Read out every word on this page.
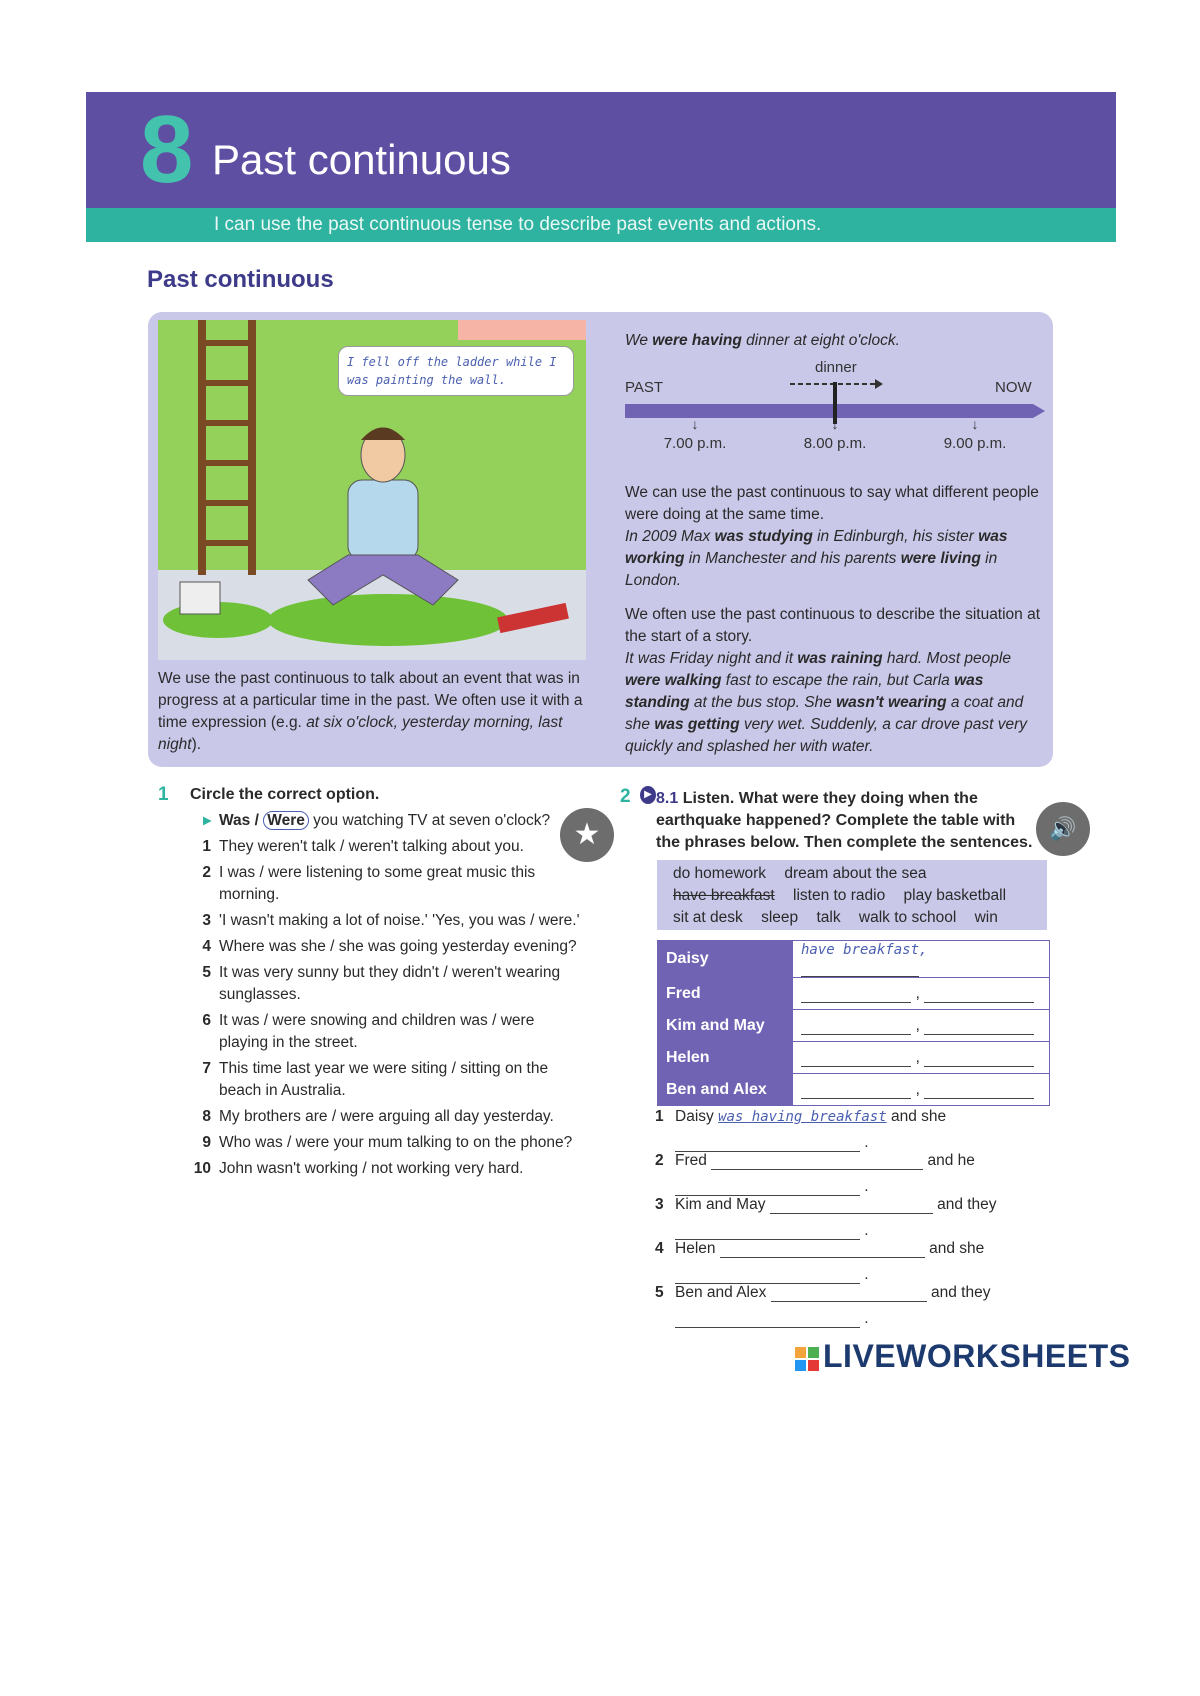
8 Past continuous
I can use the past continuous tense to describe past events and actions.
Past continuous
I fell off the ladder while I was painting the wall.
We use the past continuous to talk about an event that was in progress at a particular time in the past. We often use it with a time expression (e.g. at six o'clock, yesterday morning, last night).
We were having dinner at eight o'clock.
dinner
PAST	NOW
↓	↓	↓
7.00 p.m.	8.00 p.m.	9.00 p.m.
We can use the past continuous to say what different people were doing at the same time.
In 2009 Max was studying in Edinburgh, his sister was working in Manchester and his parents were living in London.
We often use the past continuous to describe the situation at the start of a story.
It was Friday night and it was raining hard. Most people were walking fast to escape the rain, but Carla was standing at the bus stop. She wasn't wearing a coat and she was getting very wet. Suddenly, a car drove past very quickly and splashed her with water.
1 Circle the correct option.
▸ Was / Were you watching TV at seven o'clock?
1 They weren't talk / weren't talking about you.
2 I was / were listening to some great music this morning.
3 'I wasn't making a lot of noise.' 'Yes, you was / were.'
4 Where was she / she was going yesterday evening?
5 It was very sunny but they didn't / weren't wearing sunglasses.
6 It was / were snowing and children was / were playing in the street.
7 This time last year we were siting / sitting on the beach in Australia.
8 My brothers are / were arguing all day yesterday.
9 Who was / were your mum talking to on the phone?
10 John wasn't working / not working very hard.
★
2	▶ 8.1 Listen. What were they doing when the earthquake happened? Complete the table with the phrases below. Then complete the sentences.
🔊
do homework dream about the sea
have breakfast listen to radio play basketball
sit at desk sleep talk walk to school win
Daisy	have breakfast,
Fred	,
Kim and May	,
Helen	,
Ben and Alex	,
1 Daisy was having breakfast and she
.
2 Fred	and he
.
3 Kim and May	and they
.
4 Helen	and she
.
5 Ben and Alex	and they
.
LIVEWORKSHEETS
